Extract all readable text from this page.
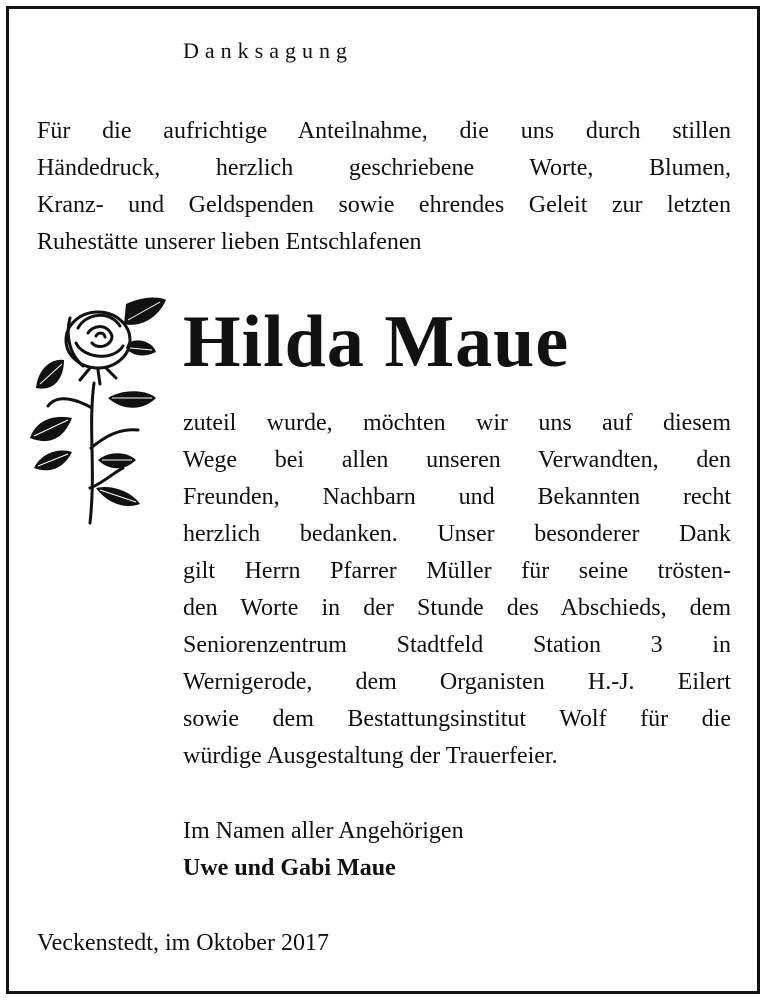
Danksagung
Für die aufrichtige Anteilnahme, die uns durch stillen
Händedruck, herzlich geschriebene Worte, Blumen,
Kranz- und Geldspenden sowie ehrendes Geleit zur letzten
Ruhestätte unserer lieben Entschlafenen
Hilda Maue
zuteil wurde, möchten wir uns auf diesem
Wege bei allen unseren Verwandten, den
Freunden, Nachbarn und Bekannten recht
herzlich bedanken. Unser besonderer Dank
gilt Herrn Pfarrer Müller für seine trösten-
den Worte in der Stunde des Abschieds, dem
Seniorenzentrum Stadtfeld Station 3 in
Wernigerode, dem Organisten H.-J. Eilert
sowie dem Bestattungsinstitut Wolf für die
würdige Ausgestaltung der Trauerfeier.
Im Namen aller Angehörigen
Uwe und Gabi Maue
Veckenstedt, im Oktober 2017
